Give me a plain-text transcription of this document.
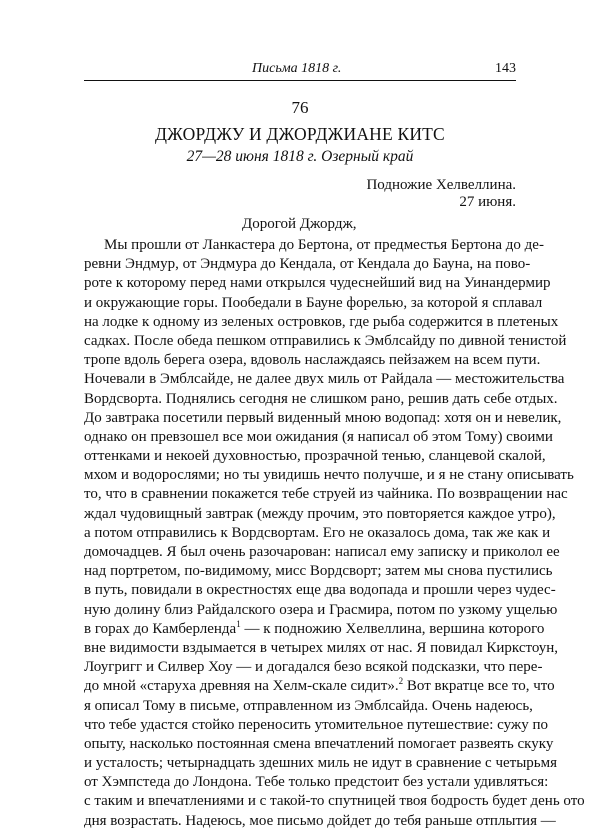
Письма 1818 г.	143
76
ДЖОРДЖУ И ДЖОРДЖИАНЕ КИТС
27—28 июня 1818 г. Озерный край
Подножие Хелвеллина.
27 июня.
Дорогой Джордж,
Мы прошли от Ланкастера до Бертона, от предместья Бертона до де-
ревни Эндмур, от Эндмура до Кендала, от Кендала до Бауна, на пово-
роте к которому перед нами открылся чудеснейший вид на Уинандермир
и окружающие горы. Пообедали в Бауне форелью, за которой я сплавал
на лодке к одному из зеленых островков, где рыба содержится в плетеных
садках. После обеда пешком отправились к Эмблсайду по дивной тенистой
тропе вдоль берега озера, вдоволь наслаждаясь пейзажем на всем пути.
Ночевали в Эмблсайде, не далее двух миль от Райдала — местожительства
Вордсворта. Поднялись сегодня не слишком рано, решив дать себе отдых.
До завтрака посетили первый виденный мною водопад: хотя он и невелик,
однако он превзошел все мои ожидания (я написал об этом Тому) своими
оттенками и некоей духовностью, прозрачной тенью, сланцевой скалой,
мхом и водорослями; но ты увидишь нечто получше, и я не стану описывать
то, что в сравнении покажется тебе струей из чайника. По возвращении нас
ждал чудовищный завтрак (между прочим, это повторяется каждое утро),
а потом отправились к Вордсвортам. Его не оказалось дома, так же как и
домочадцев. Я был очень разочарован: написал ему записку и приколол ее
над портретом, по-видимому, мисс Вордсворт; затем мы снова пустились
в путь, повидали в окрестностях еще два водопада и прошли через чудес-
ную долину близ Райдалского озера и Грасмира, потом по узкому ущелью
в горах до Камберленда$^1$ — к подножию Хелвеллина, вершина которого
вне видимости вздымается в четырех милях от нас. Я повидал Киркстоун,
Лоугригг и Силвер Хоу — и догадался безо всякой подсказки, что пере-
до мной «старуха древняя на Хелм-скале сидит».$^2$ Вот вкратце все то, что
я описал Тому в письме, отправленном из Эмблсайда. Очень надеюсь,
что тебе удастся стойко переносить утомительное путешествие: сужу по
опыту, насколько постоянная смена впечатлений помогает развеять скуку
и усталость; четырнадцать здешних миль не идут в сравнение с четырьмя
от Хэмпстеда до Лондона. Тебе только предстоит без устали удивляться:
с таким и впечатлениями и с такой-то спутницей твоя бодрость будет день ото
дня возрастать. Надеюсь, мое письмо дойдет до тебя раньше отплытия —
